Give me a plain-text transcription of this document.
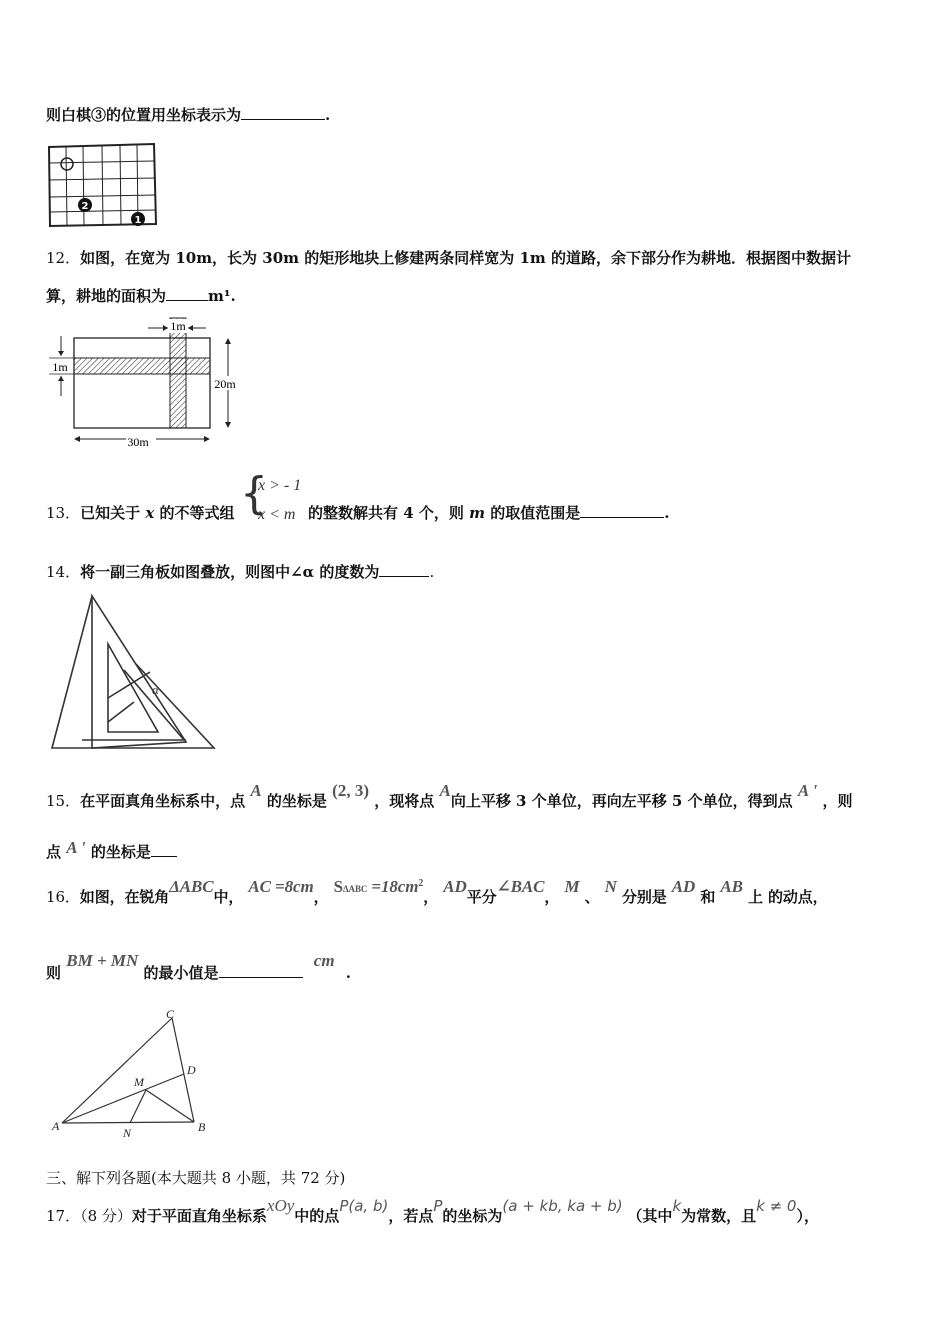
则白棋③的位置用坐标表示为	.
2
1
12．如图，在宽为 10m，长为 30m 的矩形地块上修建两条同样宽为 1m 的道路，余下部分作为耕地．根据图中数据计
算，耕地的面积为	m¹.
1m
1m
20m
30m
{
x > - 1
x < m
13．已知关于 x 的不等式组	的整数解共有 4 个，则 m 的取值范围是	.
14．将一副三角板如图叠放，则图中∠α 的度数为	.
α
15．在平面真角坐标系中，点 A 的坐标是 (2, 3) ，现将点 A向上平移 3 个单位，再向左平移 5 个单位，得到点 A ' ，则
点 A ' 的坐标是
16．如图，在锐角ΔABC中， AC =8cm， $S\Delta ABC =18cm^2$， AD平分∠BAC， M 、 N 分别是 AD 和 AB 上 的动点，
则 BM + MN 的最小值是 cm .
A	B
C
D
M
N
三、解下列各题(本大题共 8 小题，共 72 分)
17．（8 分）对于平面直角坐标系xOy中的点P(a, b)，若点P的坐标为(a + kb, ka + b) （其中k为常数，且k ≠ 0），
